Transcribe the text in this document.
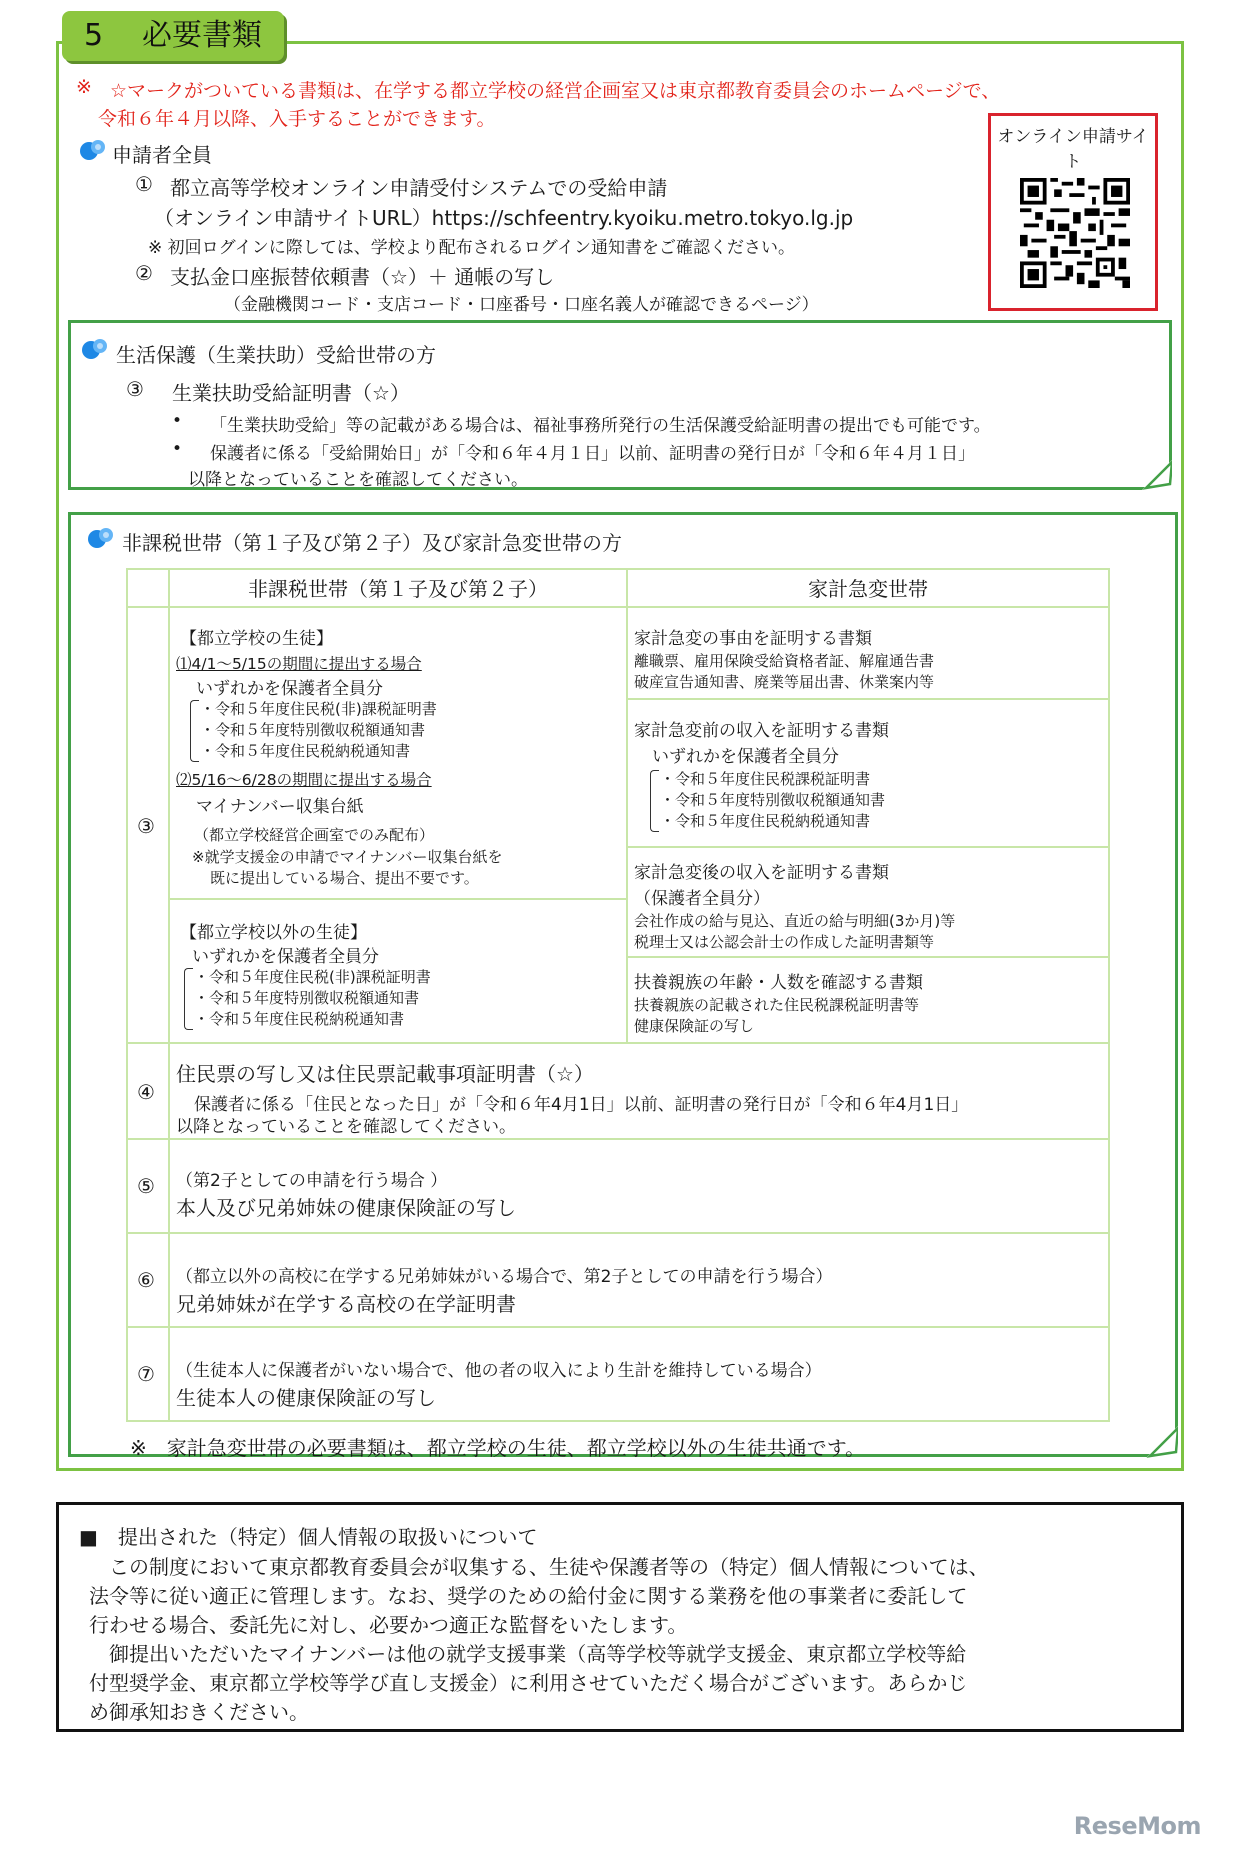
5 必要書類
※ ☆マークがついている書類は、在学する都立学校の経営企画室又は東京都教育委員会のホームページで、
令和６年４月以降、入手することができます。
オンライン申請サイト
申請者全員
① 都立高等学校オンライン申請受付システムでの受給申請
（オンライン申請サイトURL）https://schfeentry.kyoiku.metro.tokyo.lg.jp
※ 初回ログインに際しては、学校より配布されるログイン通知書をご確認ください。
② 支払金口座振替依頼書（☆）＋ 通帳の写し
（金融機関コード・支店コード・口座番号・口座名義人が確認できるページ）
生活保護（生業扶助）受給世帯の方
③ 生業扶助受給証明書（☆）
• 「生業扶助受給」等の記載がある場合は、福祉事務所発行の生活保護受給証明書の提出でも可能です。
• 保護者に係る「受給開始日」が「令和６年４月１日」以前、証明書の発行日が「令和６年４月１日」
以降となっていることを確認してください。
非課税世帯（第１子及び第２子）及び家計急変世帯の方
非課税世帯（第１子及び第２子）	家計急変世帯
③
【都立学校の生徒】
⑴4/1～5/15の期間に提出する場合
いずれかを保護者全員分
・令和５年度住民税(非)課税証明書
・令和５年度特別徴収税額通知書
・令和５年度住民税納税通知書
⑵5/16～6/28の期間に提出する場合
マイナンバー収集台紙
（都立学校経営企画室でのみ配布）
※就学支援金の申請でマイナンバー収集台紙を
既に提出している場合、提出不要です。
【都立学校以外の生徒】
いずれかを保護者全員分
・令和５年度住民税(非)課税証明書
・令和５年度特別徴収税額通知書
・令和５年度住民税納税通知書
家計急変の事由を証明する書類
離職票、雇用保険受給資格者証、解雇通告書
破産宣告通知書、廃業等届出書、休業案内等
家計急変前の収入を証明する書類
いずれかを保護者全員分
・令和５年度住民税課税証明書
・令和５年度特別徴収税額通知書
・令和５年度住民税納税通知書
家計急変後の収入を証明する書類
（保護者全員分）
会社作成の給与見込、直近の給与明細(3か月)等
税理士又は公認会計士の作成した証明書類等
扶養親族の年齢・人数を確認する書類
扶養親族の記載された住民税課税証明書等
健康保険証の写し
④
住民票の写し又は住民票記載事項証明書（☆）
保護者に係る「住民となった日」が「令和６年4月1日」以前、証明書の発行日が「令和６年4月1日」
以降となっていることを確認してください。
⑤ （第2子としての申請を行う場合 ）
本人及び兄弟姉妹の健康保険証の写し
⑥ （都立以外の高校に在学する兄弟姉妹がいる場合で、第2子としての申請を行う場合）
兄弟姉妹が在学する高校の在学証明書
⑦ （生徒本人に保護者がいない場合で、他の者の収入により生計を維持している場合）
生徒本人の健康保険証の写し
※　家計急変世帯の必要書類は、都立学校の生徒、都立学校以外の生徒共通です。
■　提出された（特定）個人情報の取扱いについて
この制度において東京都教育委員会が収集する、生徒や保護者等の（特定）個人情報については、
法令等に従い適正に管理します。なお、奨学のための給付金に関する業務を他の事業者に委託して
行わせる場合、委託先に対し、必要かつ適正な監督をいたします。
御提出いただいたマイナンバーは他の就学支援事業（高等学校等就学支援金、東京都立学校等給
付型奨学金、東京都立学校等学び直し支援金）に利用させていただく場合がございます。あらかじ
め御承知おきください。
ReseMom
